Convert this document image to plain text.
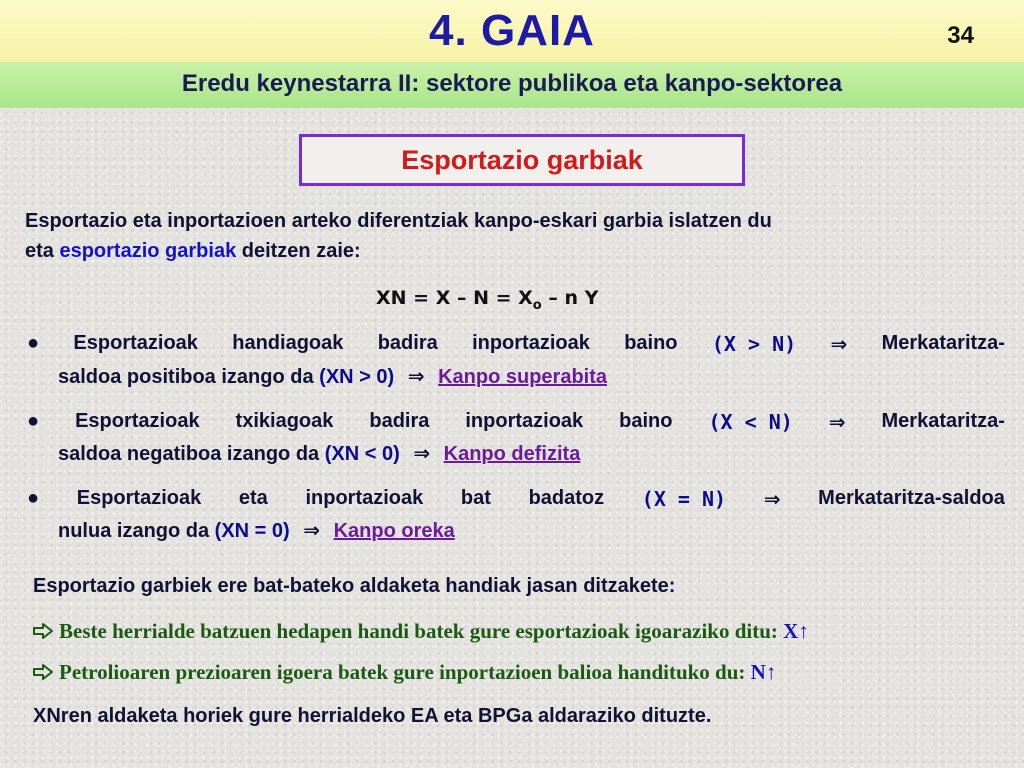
4. GAIA	34
Eredu keynestarra II: sektore publikoa eta kanpo-sektorea
Esportazio garbiak
Esportazio eta inportazioen arteko diferentziak kanpo-eskari garbia islatzen du
eta esportazio garbiak deitzen zaie:
XN = $X - N = X_o - n$ Y
● Esportazioak handiagoak badira inportazioak baino (X > N) ⇒ Merkataritza-
saldoa positiboa izango da (XN > 0) ⇒ Kanpo superabita
● Esportazioak txikiagoak badira inportazioak baino (X < N) ⇒ Merkataritza-
saldoa negatiboa izango da (XN < 0) ⇒ Kanpo defizita
● Esportazioak eta inportazioak bat badatoz (X = N) ⇒ Merkataritza-saldoa
nulua izango da (XN = 0) ⇒ Kanpo oreka
Esportazio garbiek ere bat-bateko aldaketa handiak jasan ditzakete:
Beste herrialde batzuen hedapen handi batek gure esportazioak igoaraziko ditu: X↑
Petrolioaren prezioaren igoera batek gure inportazioen balioa handituko du: N↑
XNren aldaketa horiek gure herrialdeko EA eta BPGa aldaraziko dituzte.
